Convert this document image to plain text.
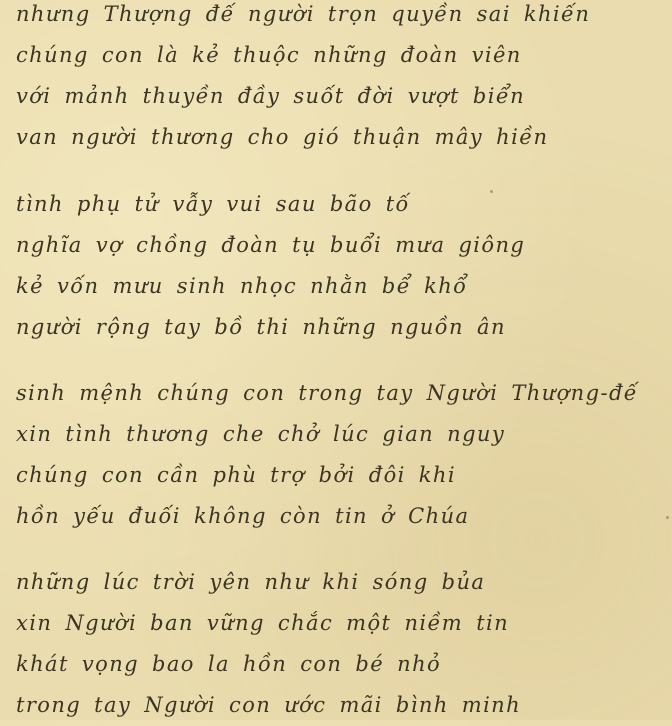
nhưng Thượng đế người trọn quyền sai khiến
chúng con là kẻ thuộc những đoàn viên
với mảnh thuyền đầy suốt đời vượt biển
van người thương cho gió thuận mây hiền
tình phụ tử vẫy vui sau bão tố
nghĩa vợ chồng đoàn tụ buổi mưa giông
kẻ vốn mưu sinh nhọc nhằn bể khổ
người rộng tay bồ thi những nguồn ân
sinh mệnh chúng con trong tay Người Thượng-đế
xin tình thương che chở lúc gian nguy
chúng con cần phù trợ bởi đôi khi
hồn yếu đuối không còn tin ở Chúa
những lúc trời yên như khi sóng bủa
xin Người ban vững chắc một niềm tin
khát vọng bao la hồn con bé nhỏ
trong tay Người con ước mãi bình minh
